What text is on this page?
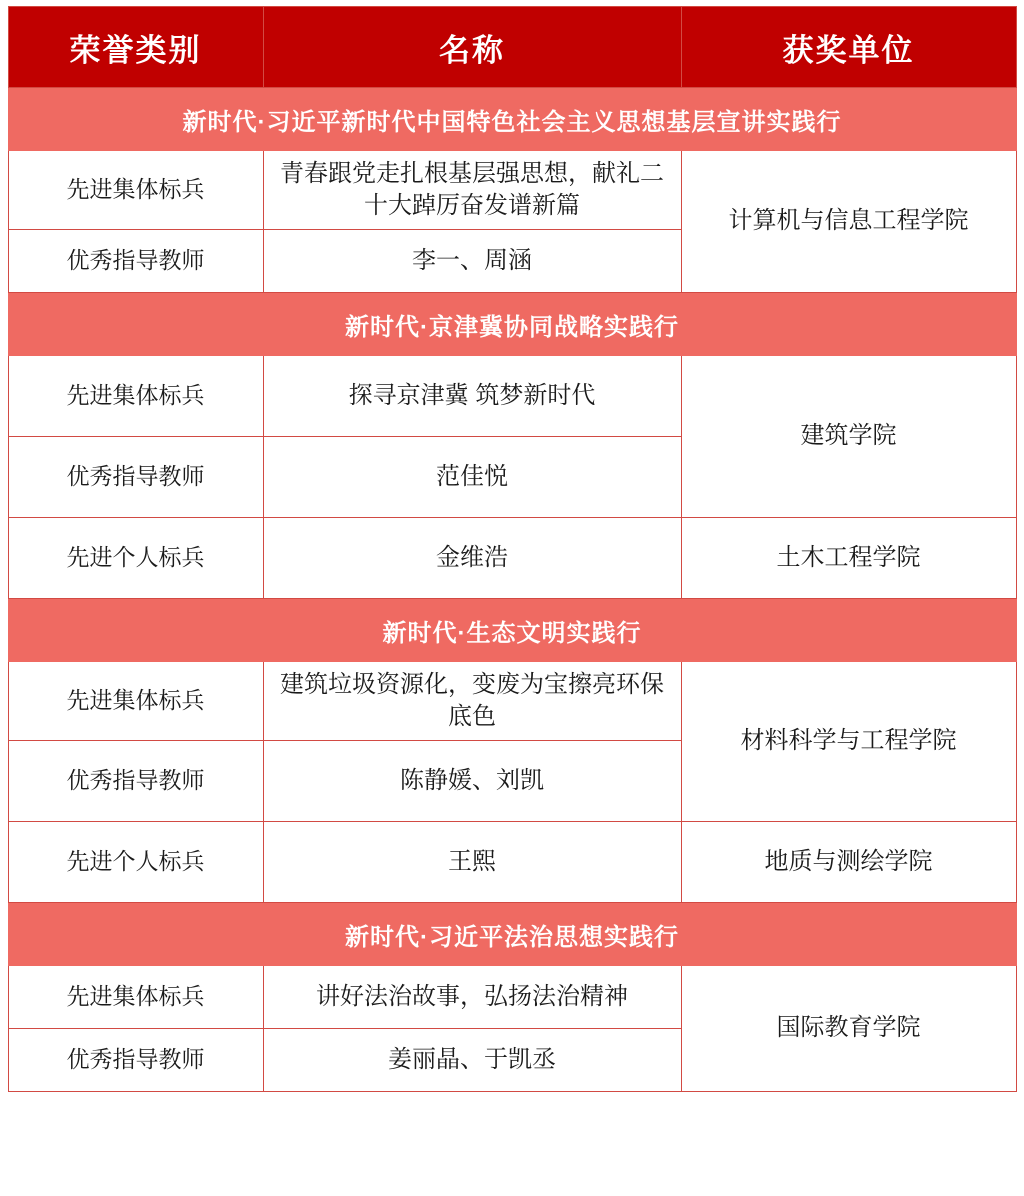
荣誉类别	名称	获奖单位
新时代·习近平新时代中国特色社会主义思想基层宣讲实践行		
先进集体标兵	青春跟党走扎根基层强思想，献礼二十大踔厉奋发谱新篇	计算机与信息工程学院
优秀指导教师	李一、周涵	
新时代·京津冀协同战略实践行		
先进集体标兵	探寻京津冀 筑梦新时代	建筑学院
优秀指导教师	范佳悦	
先进个人标兵	金维浩	土木工程学院
新时代·生态文明实践行		
先进集体标兵	建筑垃圾资源化，变废为宝擦亮环保底色	材料科学与工程学院
优秀指导教师	陈静媛、刘凯	
先进个人标兵	王熙	地质与测绘学院
新时代·习近平法治思想实践行		
先进集体标兵	讲好法治故事，弘扬法治精神	国际教育学院
优秀指导教师	姜丽晶、于凯丞	
